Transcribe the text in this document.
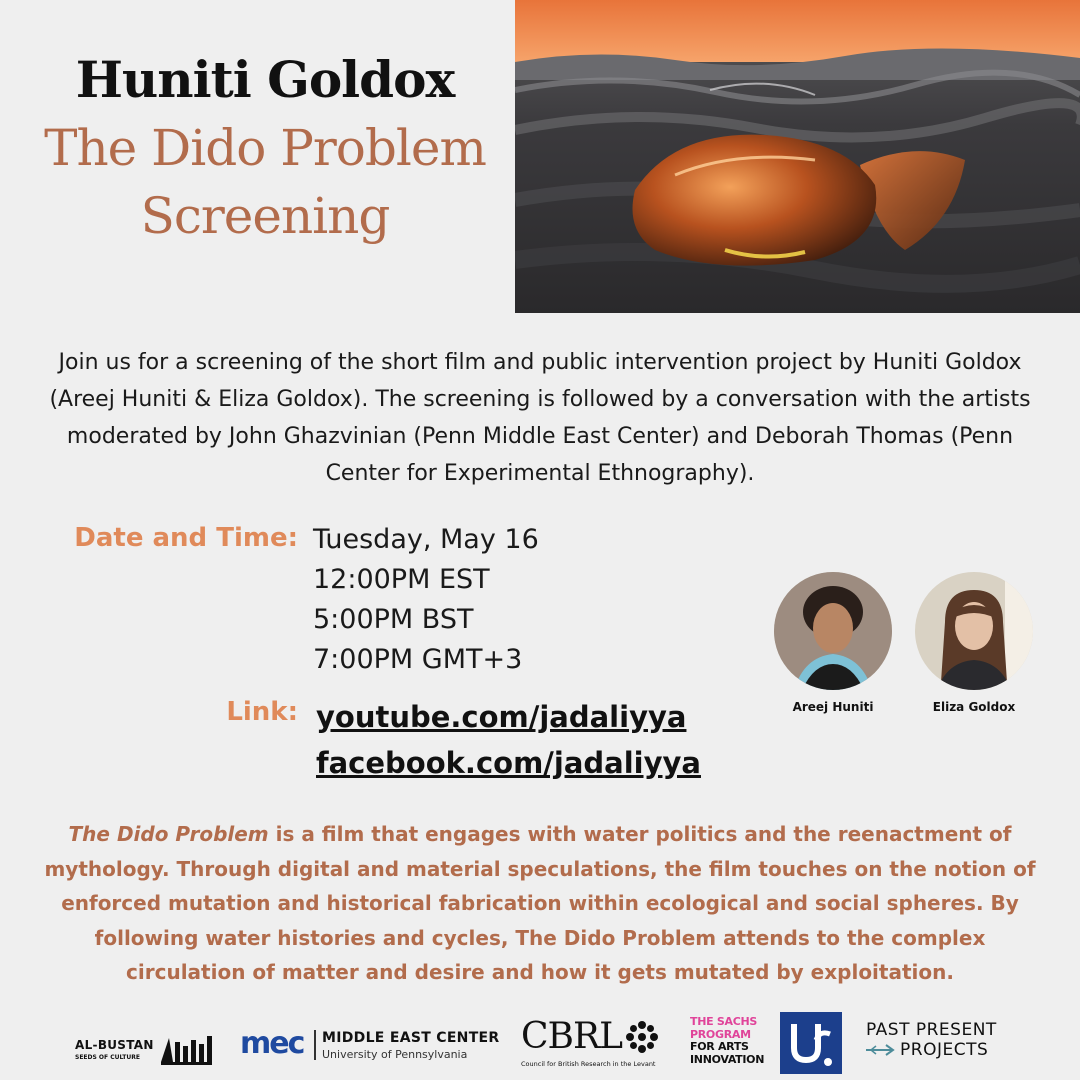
Huniti Goldox
The Dido Problem
Screening

Join us for a screening of the short film and public intervention project by Huniti Goldox (Areej Huniti & Eliza Goldox). The screening is followed by a conversation with the artists moderated by John Ghazvinian (Penn Middle East Center) and Deborah Thomas (Penn Center for Experimental Ethnography).

Date and Time: Tuesday, May 16
12:00PM EST
5:00PM BST
7:00PM GMT+3
Link: youtube.com/jadaliyya
facebook.com/jadaliyya
Areej Huniti	Eliza Goldox

The Dido Problem is a film that engages with water politics and the reenactment of mythology. Through digital and material speculations, the film touches on the notion of enforced mutation and historical fabrication within ecological and social spheres. By following water histories and cycles, The Dido Problem attends to the complex circulation of matter and desire and how it gets mutated by exploitation.

AL-BUSTAN
SEEDS OF CULTURE	mec MIDDLE EAST CENTER
University of Pennsylvania CBRL
Council for British Research in the Levant
THE SACHS
PROGRAM
FOR ARTS
INNOVATION
PAST PRESENT
PROJECTS
